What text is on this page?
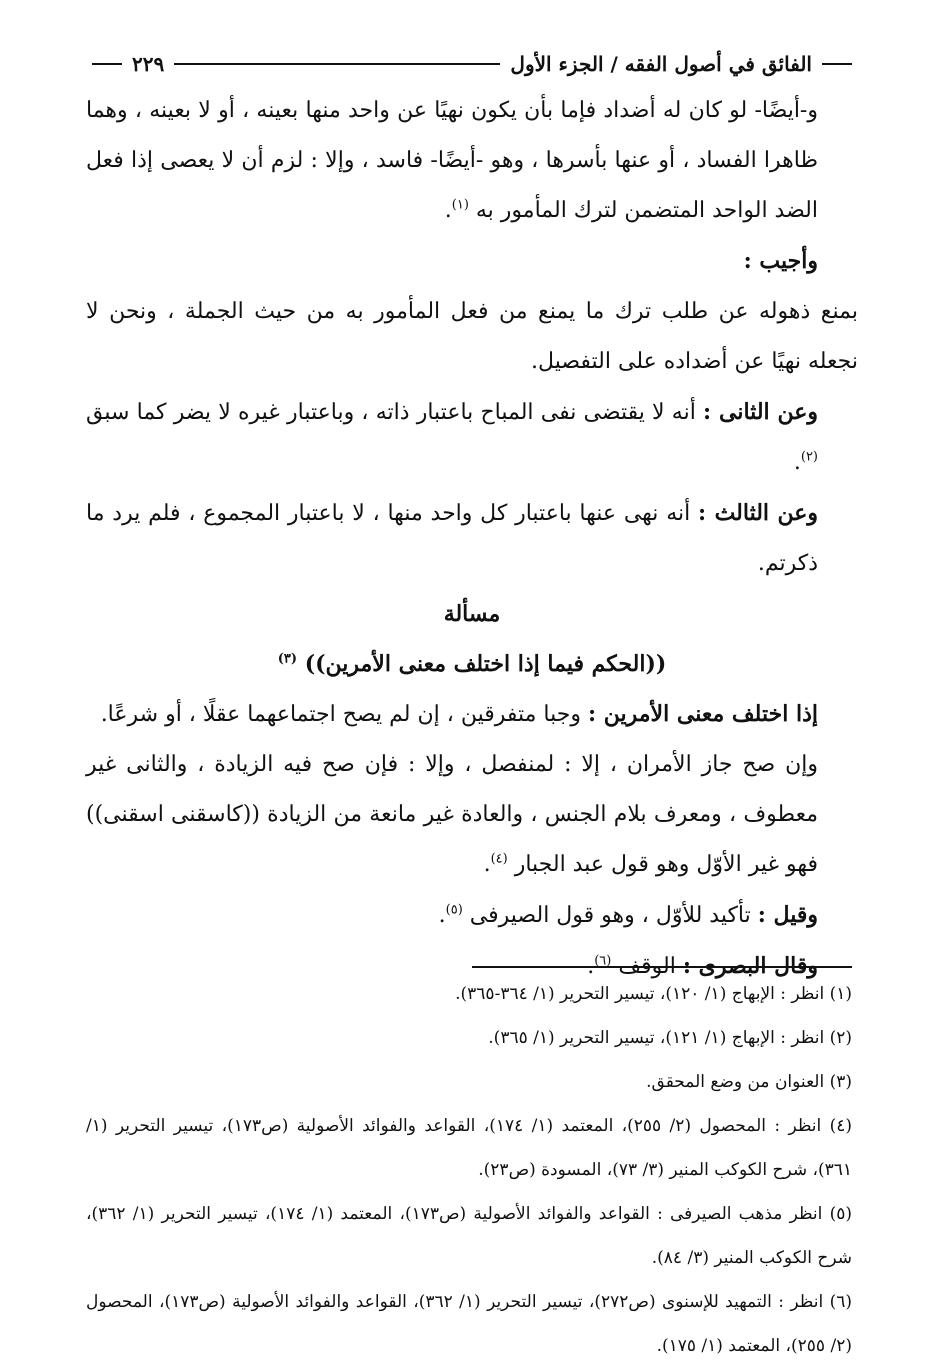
الفائق في أصول الفقه / الجزء الأول
٢٢٩

و-أيضًا- لو كان له أضداد فإما بأن يكون نهيًا عن واحد منها بعينه ، أو لا بعينه ، وهما ظاهرا الفساد ، أو عنها بأسرها ، وهو -أيضًا- فاسد ، وإلا : لزم أن لا يعصى إذا فعل الضد الواحد المتضمن لترك المأمور به $^{(١)}$.

وأجيب :

بمنع ذهوله عن طلب ترك ما يمنع من فعل المأمور به من حيث الجملة ، ونحن لا نجعله نهيًا عن أضداده على التفصيل.

وعن الثانى : أنه لا يقتضى نفى المباح باعتبار ذاته ، وباعتبار غيره لا يضر كما سبق $^{(٢)}$.

وعن الثالث : أنه نهى عنها باعتبار كل واحد منها ، لا باعتبار المجموع ، فلم يرد ما ذكرتم.

مسألة

((الحكم فيما إذا اختلف معنى الأمرين)) $^{(٣)}$

إذا اختلف معنى الأمرين : وجبا متفرقين ، إن لم يصح اجتماعهما عقلًا ، أو شرعًا.

وإن صح جاز الأمران ، إلا : لمنفصل ، وإلا : فإن صح فيه الزيادة ، والثانى غير معطوف ، ومعرف بلام الجنس ، والعادة غير مانعة من الزيادة ((كاسقنى اسقنى)) فهو غير الأوّل وهو قول عبد الجبار $^{(٤)}$.

وقيل : تأكيد للأوّل ، وهو قول الصيرفى $^{(٥)}$.

وقال البصرى : الوقف $^{(٦)}$.

(١) انظر : الإبهاج (١/ ١٢٠)، تيسير التحرير (١/ ٣٦٤-٣٦٥).

(٢) انظر : الإبهاج (١/ ١٢١)، تيسير التحرير (١/ ٣٦٥).

(٣) العنوان من وضع المحقق.

(٤) انظر : المحصول (٢/ ٢٥٥)، المعتمد (١/ ١٧٤)، القواعد والفوائد الأصولية (ص١٧٣)، تيسير التحرير (١/ ٣٦١)، شرح الكوكب المنير (٣/ ٧٣)، المسودة (ص٢٣).

(٥) انظر مذهب الصيرفى : القواعد والفوائد الأصولية (ص١٧٣)، المعتمد (١/ ١٧٤)، تيسير التحرير (١/ ٣٦٢)، شرح الكوكب المنير (٣/ ٨٤).

(٦) انظر : التمهيد للإسنوى (ص٢٧٢)، تيسير التحرير (١/ ٣٦٢)، القواعد والفوائد الأصولية (ص١٧٣)، المحصول (٢/ ٢٥٥)، المعتمد (١/ ١٧٥).
